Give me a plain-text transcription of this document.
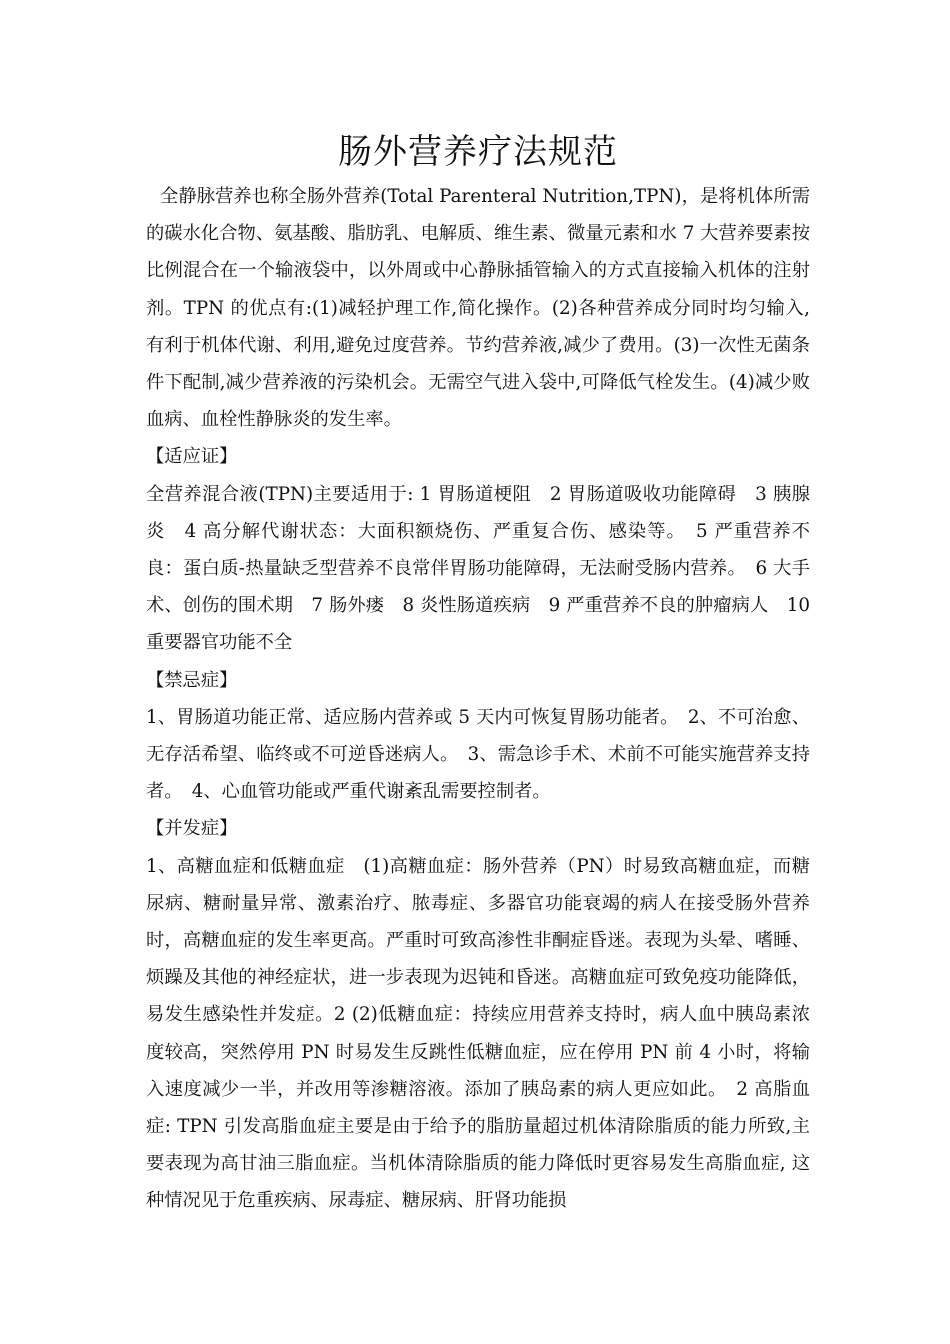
肠外营养疗法规范

全静脉营养也称全肠外营养(Total Parenteral Nutrition,TPN)，是将机体所需的碳水化合物、氨基酸、脂肪乳、电解质、维生素、微量元素和水 7 大营养要素按比例混合在一个输液袋中，以外周或中心静脉插管输入的方式直接输入机体的注射剂。TPN 的优点有:(1)减轻护理工作,简化操作。(2)各种营养成分同时均匀输入, 有利于机体代谢、利用,避免过度营养。节约营养液,减少了费用。(3)一次性无菌条件下配制,减少营养液的污染机会。无需空气进入袋中,可降低气栓发生。(4)减少败血病、血栓性静脉炎的发生率。

【适应证】

全营养混合液(TPN)主要适用于: 1 胃肠道梗阻　2 胃肠道吸收功能障碍　3 胰腺炎　4 高分解代谢状态：大面积额烧伤、严重复合伤、感染等。　5 严重营养不良：蛋白质-热量缺乏型营养不良常伴胃肠功能障碍，无法耐受肠内营养。　6 大手术、创伤的围术期　7 肠外瘘　8 炎性肠道疾病　9 严重营养不良的肿瘤病人　10 重要器官功能不全

【禁忌症】

1、胃肠道功能正常、适应肠内营养或 5 天内可恢复胃肠功能者。　2、不可治愈、无存活希望、临终或不可逆昏迷病人。　3、需急诊手术、术前不可能实施营养支持者。　4、心血管功能或严重代谢紊乱需要控制者。

【并发症】

1、高糖血症和低糖血症　(1)高糖血症：肠外营养（PN）时易致高糖血症，而糖尿病、糖耐量异常、激素治疗、脓毒症、多器官功能衰竭的病人在接受肠外营养时，高糖血症的发生率更高。严重时可致高渗性非酮症昏迷。表现为头晕、嗜睡、烦躁及其他的神经症状，进一步表现为迟钝和昏迷。高糖血症可致免疫功能降低，易发生感染性并发症。2 (2)低糖血症：持续应用营养支持时，病人血中胰岛素浓度较高，突然停用 PN 时易发生反跳性低糖血症，应在停用 PN 前 4 小时，将输入速度减少一半，并改用等渗糖溶液。添加了胰岛素的病人更应如此。　2 高脂血症: TPN 引发高脂血症主要是由于给予的脂肪量超过机体清除脂质的能力所致,主要表现为高甘油三脂血症。当机体清除脂质的能力降低时更容易发生高脂血症, 这种情况见于危重疾病、尿毒症、糖尿病、肝肾功能损
